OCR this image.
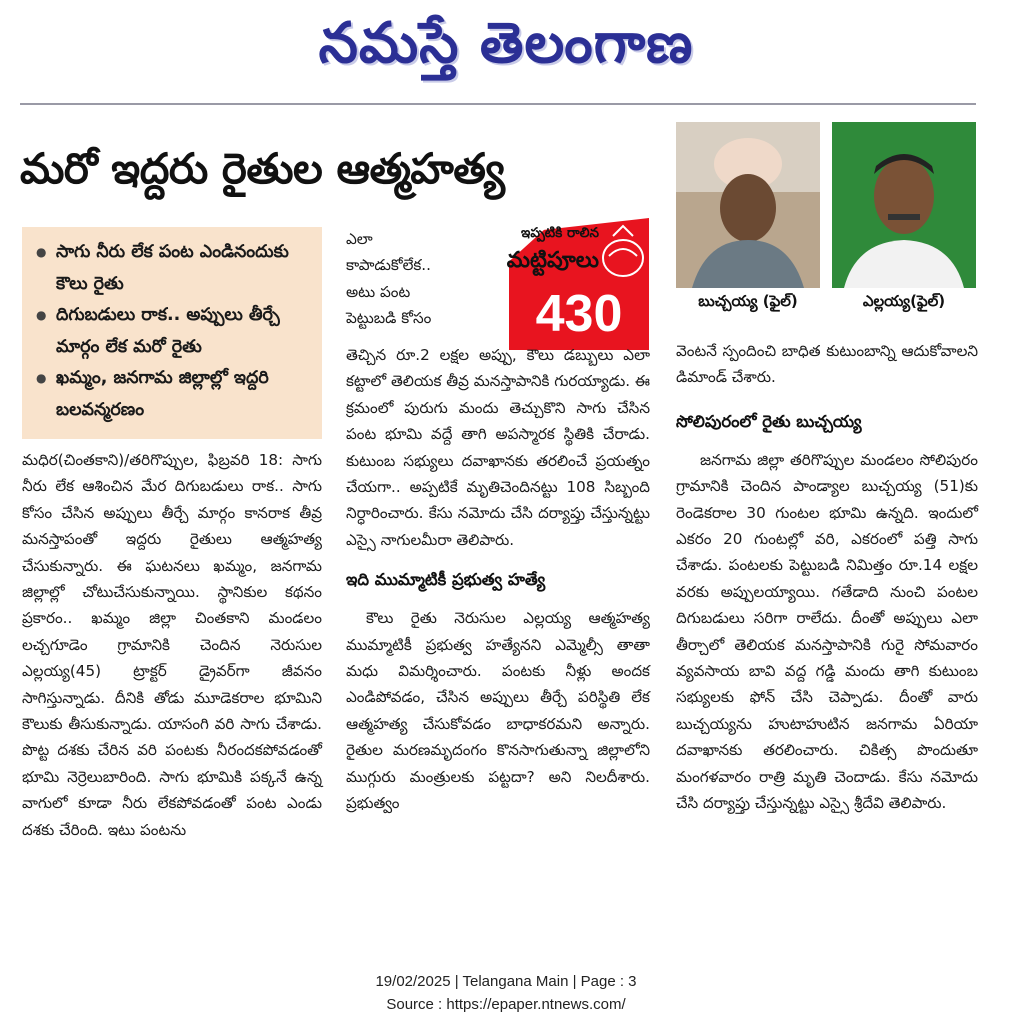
నమస్తే తెలంగాణ
మరో ఇద్దరు రైతుల ఆత్మహత్య
● సాగు నీరు లేక పంట ఎండినందుకు కౌలు రైతు
● దిగుబడులు రాక.. అప్పులు తీర్చే మార్గం లేక మరో రైతు
● ఖమ్మం, జనగామ జిల్లాల్లో ఇద్దరి బలవన్మరణం

మధిర(చింతకాని)/తరిగొప్పుల, ఫిబ్రవరి 18: సాగు నీరు లేక ఆశించిన మేర దిగుబడులు రాక.. సాగు కోసం చేసిన అప్పులు తీర్చే మార్గం కానరాక తీవ్ర మనస్తాపంతో ఇద్దరు రైతులు ఆత్మహత్య చేసుకున్నారు. ఈ ఘటనలు ఖమ్మం, జనగామ జిల్లాల్లో చోటుచేసుకున్నాయి. స్థానికుల కథనం ప్రకారం.. ఖమ్మం జిల్లా చింతకాని మండలం లచ్చగూడెం గ్రామానికి చెందిన నెరుసుల ఎల్లయ్య(45) ట్రాక్టర్ డ్రైవర్‌గా జీవనం సాగిస్తున్నాడు. దీనికి తోడు మూడెకరాల భూమిని కౌలుకు తీసుకున్నాడు. యాసంగి వరి సాగు చేశాడు. పొట్ట దశకు చేరిన వరి పంటకు నీరందకపోవడంతో భూమి నెర్రెలుబారింది. సాగు భూమికి పక్కనే ఉన్న వాగులో కూడా నీరు లేకపోవడంతో పంట ఎండు దశకు చేరింది. ఇటు పంటను

ఎలా కాపాడుకోలేక.. అటు పంట పెట్టుబడి కోసం

ఇప్పటికి రాలిన
మట్టిపూలు
430

తెచ్చిన రూ.2 లక్షల అప్పు, కౌలు డబ్బులు ఎలా కట్టాలో తెలియక తీవ్ర మనస్తాపానికి గురయ్యాడు. ఈ క్రమంలో పురుగు మందు తెచ్చుకొని సాగు చేసిన పంట భూమి వద్దే తాగి అపస్మారక స్థితికి చేరాడు. కుటుంబ సభ్యులు దవాఖానకు తరలించే ప్రయత్నం చేయగా.. అప్పటికే మృతిచెందినట్టు 108 సిబ్బంది నిర్ధారించారు. కేసు నమోదు చేసి దర్యాప్తు చేస్తున్నట్టు ఎస్సై నాగులమీరా తెలిపారు.

ఇది ముమ్మాటికీ ప్రభుత్వ హత్యే

కౌలు రైతు నెరుసుల ఎల్లయ్య ఆత్మహత్య ముమ్మాటికీ ప్రభుత్వ హత్యేనని ఎమ్మెల్సీ తాతా మధు విమర్శించారు. పంటకు నీళ్లు అందక ఎండిపోవడం, చేసిన అప్పులు తీర్చే పరిస్థితి లేక ఆత్మహత్య చేసుకోవడం బాధాకరమని అన్నారు. రైతుల మరణమృదంగం కొనసాగుతున్నా జిల్లాలోని ముగ్గురు మంత్రులకు పట్టదా? అని నిలదీశారు. ప్రభుత్వం

బుచ్చయ్య (ఫైల్)	ఎల్లయ్య(ఫైల్)

వెంటనే స్పందించి బాధిత కుటుంబాన్ని ఆదుకోవాలని డిమాండ్ చేశారు.

సోలిపురంలో రైతు బుచ్చయ్య

జనగామ జిల్లా తరిగొప్పుల మండలం సోలిపురం గ్రామానికి చెందిన పాండ్యాల బుచ్చయ్య (51)కు రెండెకరాల 30 గుంటల భూమి ఉన్నది. ఇందులో ఎకరం 20 గుంటల్లో వరి, ఎకరంలో పత్తి సాగు చేశాడు. పంటలకు పెట్టుబడి నిమిత్తం రూ.14 లక్షల వరకు అప్పులయ్యాయి. గతేడాది నుంచి పంటల దిగుబడులు సరిగా రాలేదు. దీంతో అప్పులు ఎలా తీర్చాలో తెలియక మనస్తాపానికి గురై సోమవారం వ్యవసాయ బావి వద్ద గడ్డి మందు తాగి కుటుంబ సభ్యులకు ఫోన్ చేసి చెప్పాడు. దీంతో వారు బుచ్చయ్యను హుటాహుటిన జనగామ ఏరియా దవాఖానకు తరలించారు. చికిత్స పొందుతూ మంగళవారం రాత్రి మృతి చెందాడు. కేసు నమోదు చేసి దర్యాప్తు చేస్తున్నట్టు ఎస్సై శ్రీదేవి తెలిపారు.

19/02/2025 | Telangana Main | Page : 3
Source : https://epaper.ntnews.com/
